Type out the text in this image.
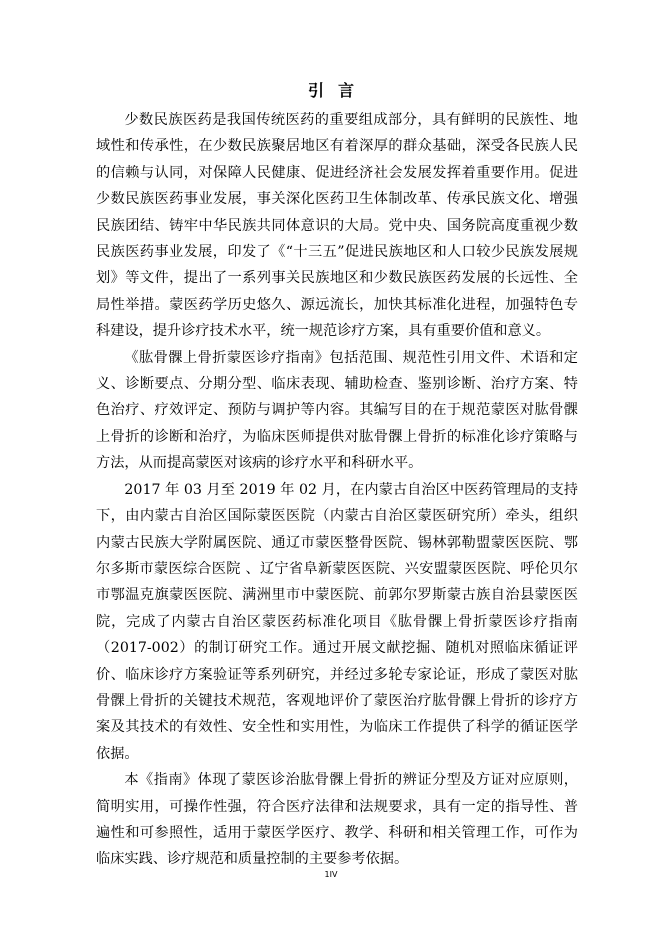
引 言

少数民族医药是我国传统医药的重要组成部分，具有鲜明的民族性、地域性和传承性，在少数民族聚居地区有着深厚的群众基础，深受各民族人民的信赖与认同，对保障人民健康、促进经济社会发展发挥着重要作用。促进少数民族医药事业发展，事关深化医药卫生体制改革、传承民族文化、增强民族团结、铸牢中华民族共同体意识的大局。党中央、国务院高度重视少数民族医药事业发展，印发了《“十三五”促进民族地区和人口较少民族发展规划》等文件，提出了一系列事关民族地区和少数民族医药发展的长远性、全局性举措。蒙医药学历史悠久、源远流长，加快其标准化进程，加强特色专科建设，提升诊疗技术水平，统一规范诊疗方案，具有重要价值和意义。

《肱骨髁上骨折蒙医诊疗指南》包括范围、规范性引用文件、术语和定义、诊断要点、分期分型、临床表现、辅助检查、鉴别诊断、治疗方案、特色治疗、疗效评定、预防与调护等内容。其编写目的在于规范蒙医对肱骨髁上骨折的诊断和治疗，为临床医师提供对肱骨髁上骨折的标准化诊疗策略与方法，从而提高蒙医对该病的诊疗水平和科研水平。

2017 年 03 月至 2019 年 02 月，在内蒙古自治区中医药管理局的支持下，由内蒙古自治区国际蒙医医院（内蒙古自治区蒙医研究所）牵头，组织内蒙古民族大学附属医院、通辽市蒙医整骨医院、锡林郭勒盟蒙医医院、鄂尔多斯市蒙医综合医院 、辽宁省阜新蒙医医院、兴安盟蒙医医院、呼伦贝尔市鄂温克旗蒙医医院、满洲里市中蒙医院、前郭尔罗斯蒙古族自治县蒙医医院，完成了内蒙古自治区蒙医药标准化项目《肱骨髁上骨折蒙医诊疗指南（2017-002）的制订研究工作。通过开展文献挖掘、随机对照临床循证评价、临床诊疗方案验证等系列研究，并经过多轮专家论证，形成了蒙医对肱骨髁上骨折的关键技术规范，客观地评价了蒙医治疗肱骨髁上骨折的诊疗方案及其技术的有效性、安全性和实用性，为临床工作提供了科学的循证医学依据。

本《指南》体现了蒙医诊治肱骨髁上骨折的辨证分型及方证对应原则，简明实用，可操作性强，符合医疗法律和法规要求，具有一定的指导性、普遍性和可参照性，适用于蒙医学医疗、教学、科研和相关管理工作，可作为临床实践、诊疗规范和质量控制的主要参考依据。

1IV
